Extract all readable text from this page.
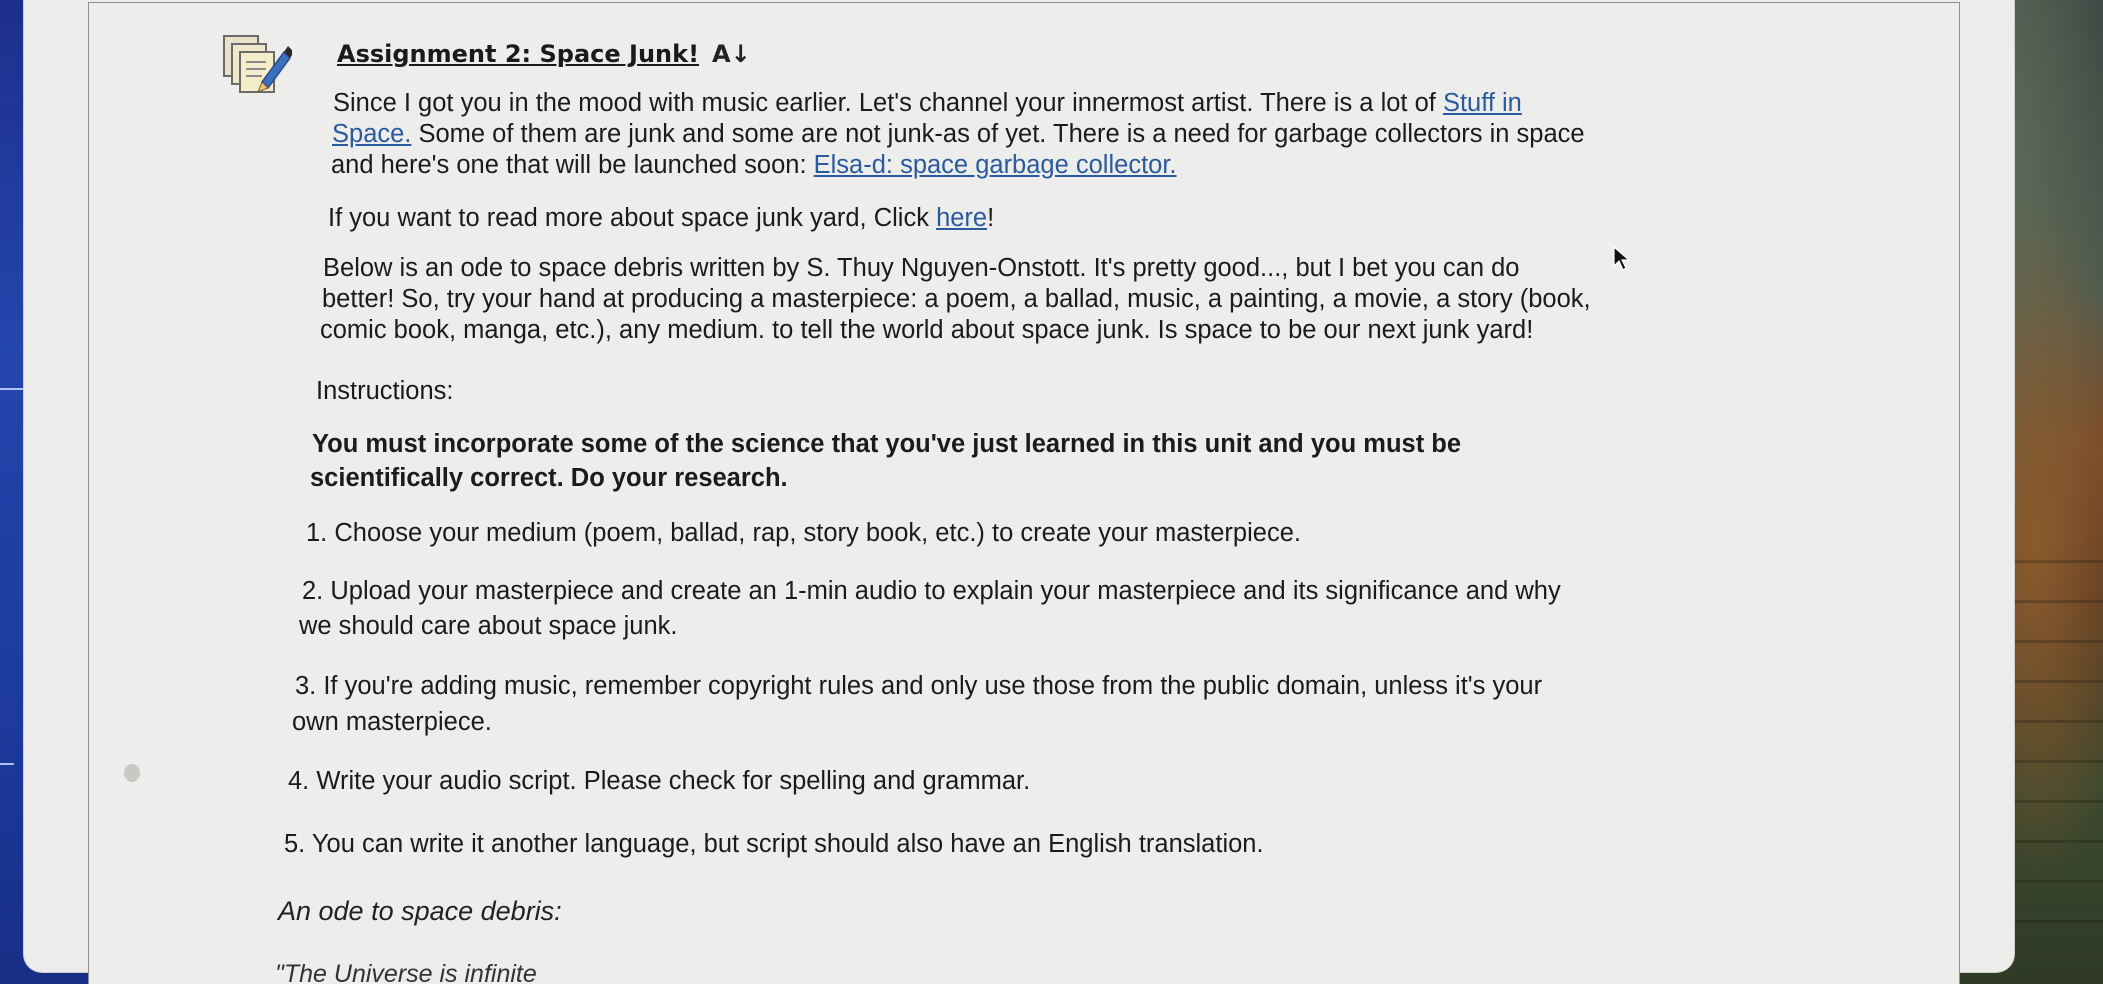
Assignment 2: Space Junk! A↓
Since I got you in the mood with music earlier. Let's channel your innermost artist. There is a lot of Stuff in
Space. Some of them are junk and some are not junk-as of yet. There is a need for garbage collectors in space
and here's one that will be launched soon: Elsa-d: space garbage collector.
If you want to read more about space junk yard, Click here!
Below is an ode to space debris written by S. Thuy Nguyen-Onstott. It's pretty good..., but I bet you can do
better! So, try your hand at producing a masterpiece: a poem, a ballad, music, a painting, a movie, a story (book,
comic book, manga, etc.), any medium. to tell the world about space junk. Is space to be our next junk yard!
Instructions:
You must incorporate some of the science that you've just learned in this unit and you must be
scientifically correct. Do your research.
1. Choose your medium (poem, ballad, rap, story book, etc.) to create your masterpiece.
2. Upload your masterpiece and create an 1-min audio to explain your masterpiece and its significance and why
we should care about space junk.
3. If you're adding music, remember copyright rules and only use those from the public domain, unless it's your
own masterpiece.
4. Write your audio script. Please check for spelling and grammar.
5. You can write it another language, but script should also have an English translation.
An ode to space debris:
"The Universe is infinite
